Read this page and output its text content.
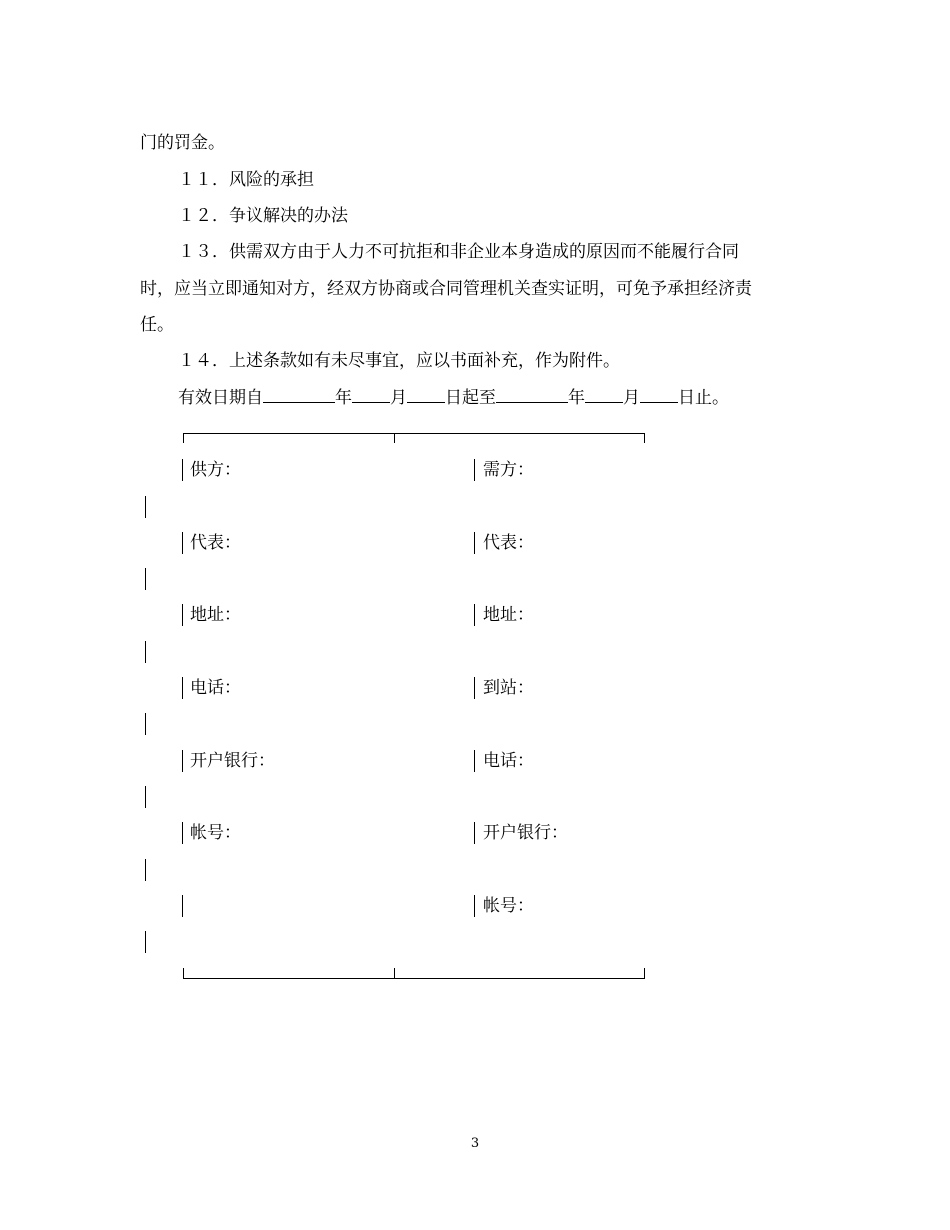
门的罚金。
１１．风险的承担
１２．争议解决的办法
１３．供需双方由于人力不可抗拒和非企业本身造成的原因而不能履行合同
时，应当立即通知对方，经双方协商或合同管理机关查实证明，可免予承担经济责
任。
１４．上述条款如有未尽事宜，应以书面补充，作为附件。
有效日期自	年 月 日起至	年 月 日止。
供方：
代表：
地址：
电话：
开户银行：
帐号：
需方：
代表：
地址：
到站：
电话：
开户银行：
帐号：
3
